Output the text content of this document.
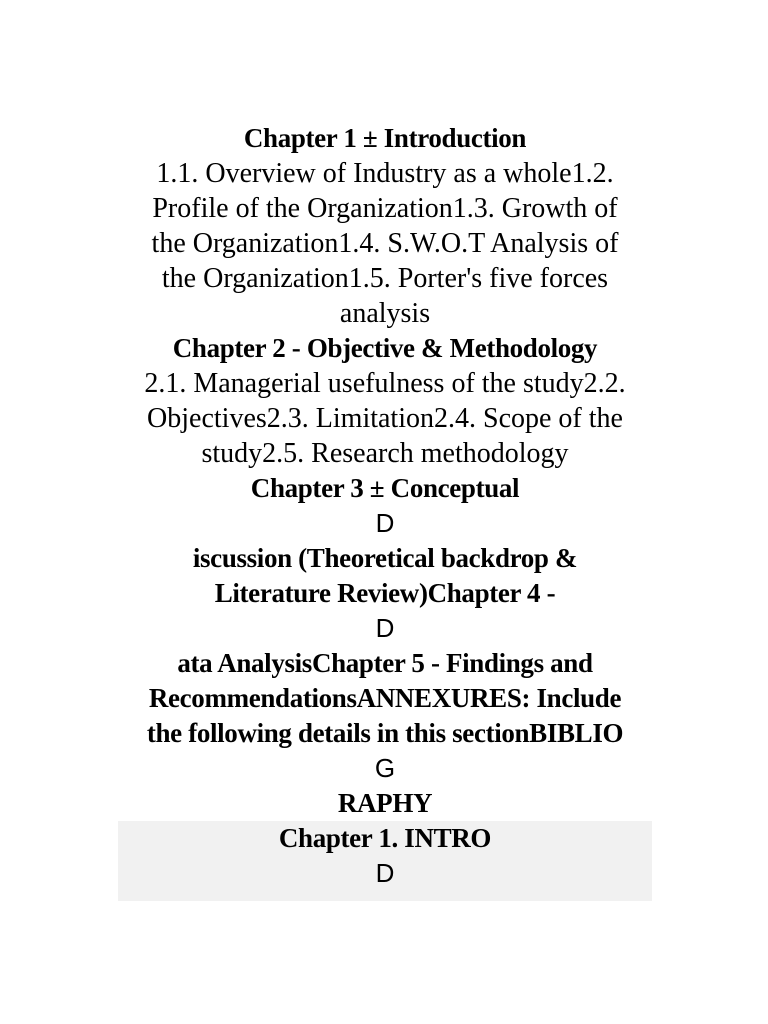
Chapter 1 ± Introduction
1.1. Overview of Industry as a whole1.2.
Profile of the Organization1.3. Growth of
the Organization1.4. S.W.O.T Analysis of
the Organization1.5. Porter's five forces
analysis
Chapter 2 - Objective & Methodology
2.1. Managerial usefulness of the study2.2.
Objectives2.3. Limitation2.4. Scope of the
study2.5. Research methodology
Chapter 3 ± Conceptual
D
iscussion (Theoretical backdrop &
Literature Review)Chapter 4 -
D
ata AnalysisChapter 5 - Findings and
RecommendationsANNEXURES: Include
the following details in this sectionBIBLIO
G
RAPHY
Chapter 1. INTRO
D
